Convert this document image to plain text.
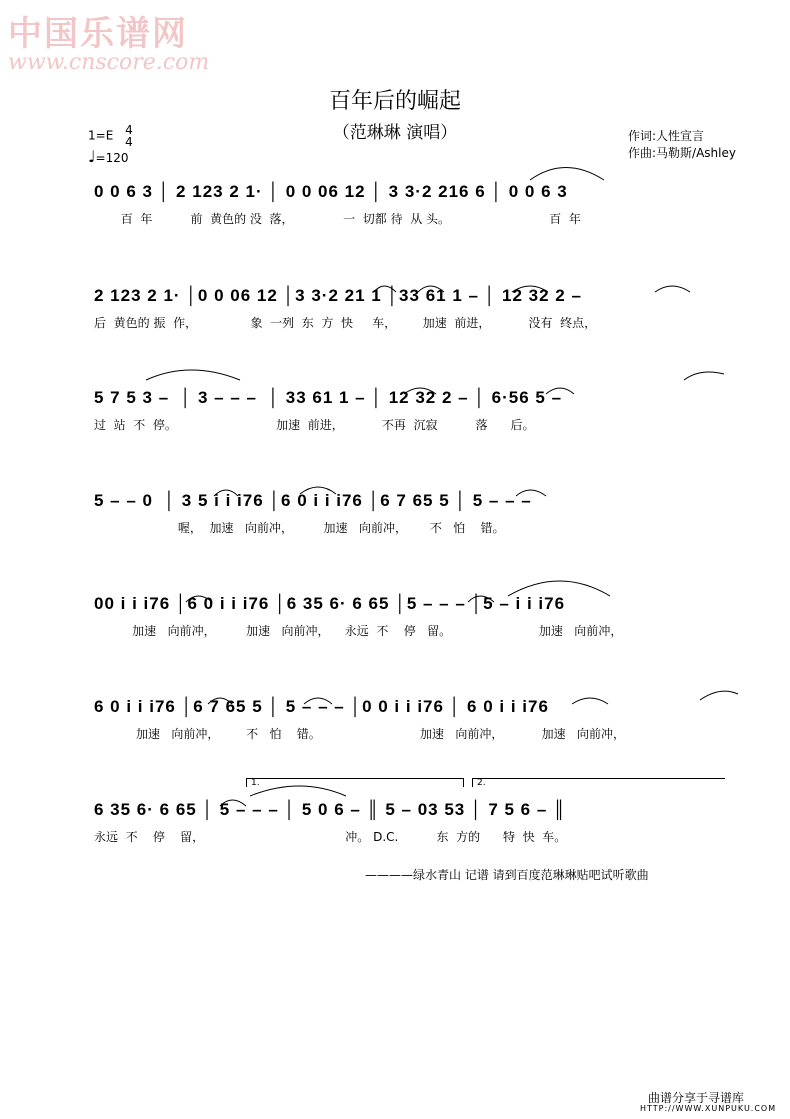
中国乐谱网
www.cnscore.com
百年后的崛起
（范琳琳 演唱）
1=E 4
4
♩=120
作词:人性宣言
作曲:马勒斯/Ashley
0 0 6 3 │ 2 123 2 1· │ 0 0 06 12 │ 3 3·2 216 6 │ 0 0 6 3
百  年          前  黄色的 没  落，             一  切都 待  从 头。                          百  年
2 123 2 1· │0 0 06 12 │3 3·2 21 1 │33 61 1 – │ 12 32 2 –
后  黄色的 振  作，              象  一列  东  方  快     车，       加速  前进，          没有  终点，
5 7 5 3 –  │ 3 – – –  │ 33 61 1 – │ 12 32 2 – │ 6·56 5 –
过  站  不  停。                          加速  前进，          不再  沉寂          落      后。
5 – – 0  │ 3 5 i i i76 │6 0 i i i76 │6 7 65 5 │ 5 – – –
喔，  加速   向前冲，        加速   向前冲，      不   怕    错。
00 i i i76 │6 0 i i i76 │6 35 6· 6 65 │5 – – – │5 – i i i76
加速   向前冲，        加速   向前冲，    永远  不    停   留。                       加速   向前冲，
6 0 i i i76 │6 7 65 5 │ 5 – – – │0 0 i i i76 │ 6 0 i i i76
加速   向前冲，       不   怕    错。                          加速   向前冲，          加速   向前冲，
6 35 6· 6 65 │ 5 – – – │ 5 0 6 – ║ 5 – 03 53 │ 7 5 6 – ║
永远  不    停    留，                                     冲。 D.C.          东  方的      特  快  车。
1.	2.
————绿水青山 记谱 请到百度范琳琳贴吧试听歌曲
曲谱分享于寻谱库
HTTP://WWW.XUNPUKU.COM
